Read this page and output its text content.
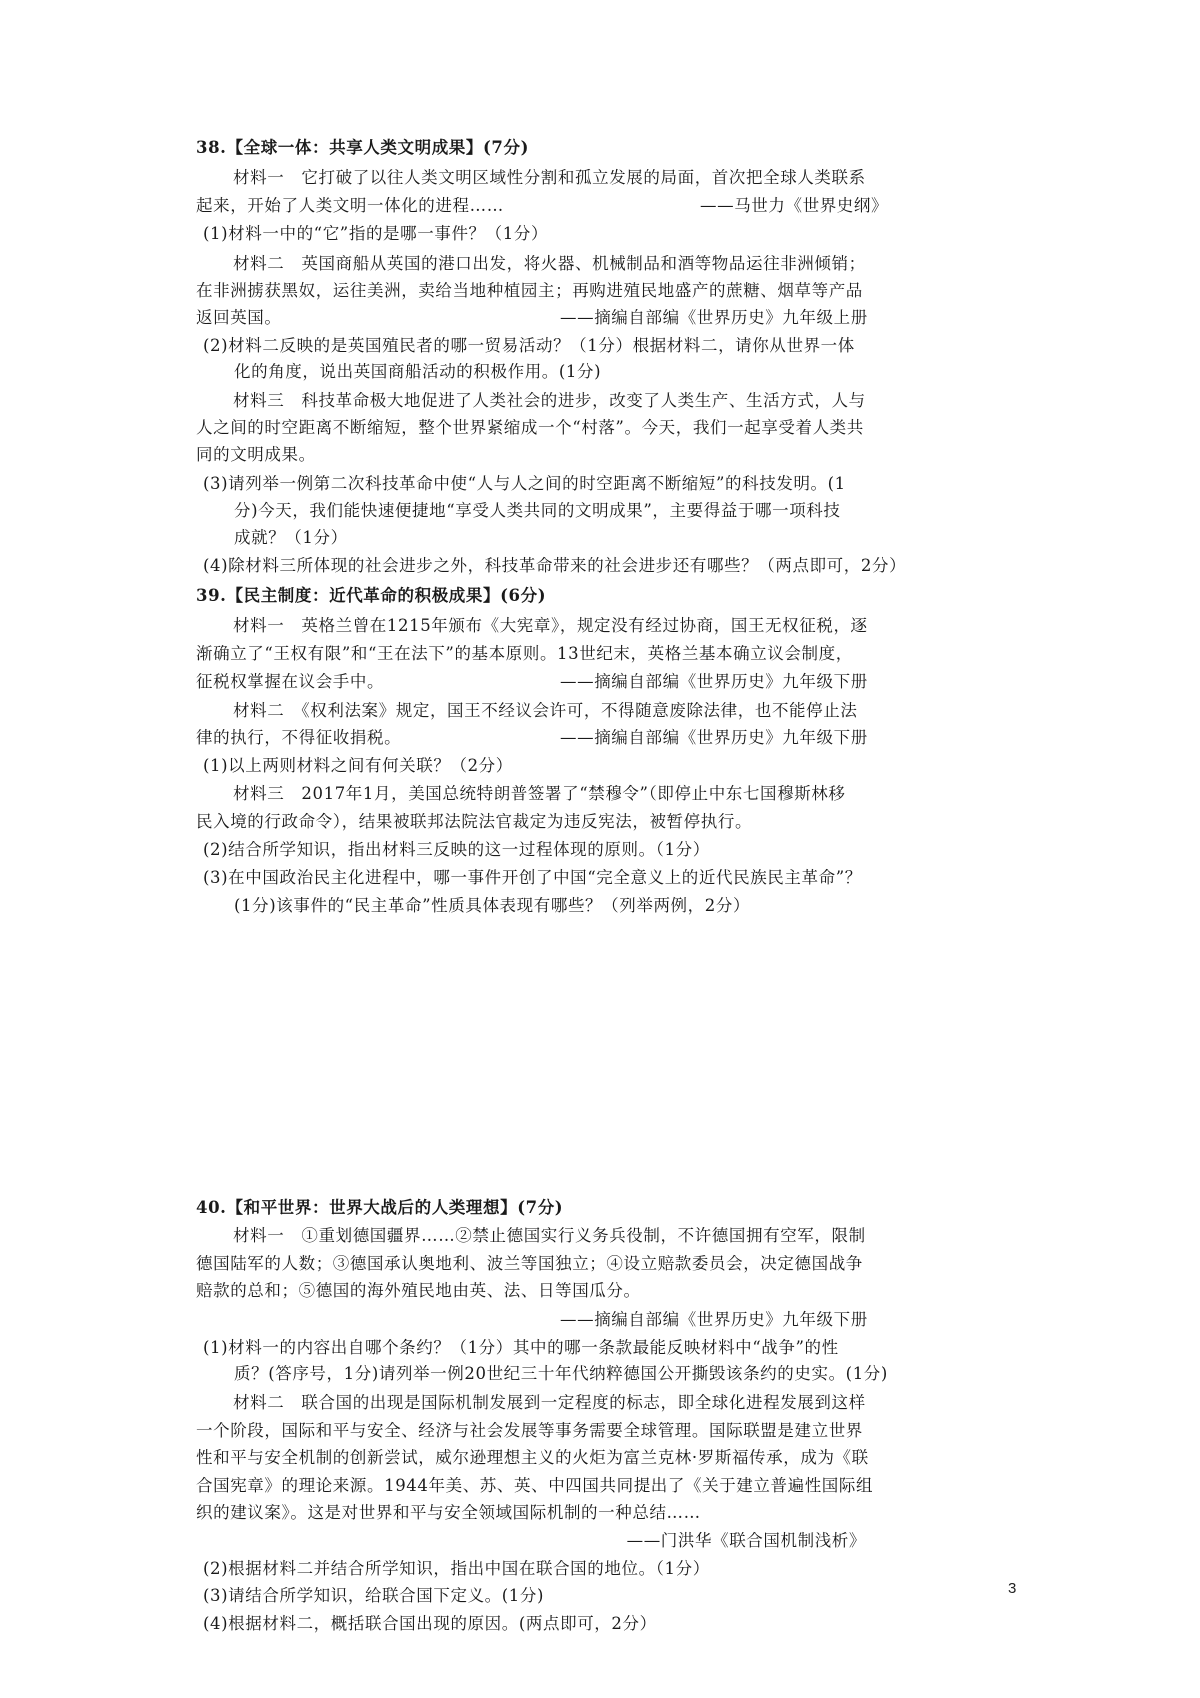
38.【全球一体：共享人类文明成果】(7分)
材料一　它打破了以往人类文明区域性分割和孤立发展的局面，首次把全球人类联系
起来，开始了人类文明一体化的进程……	——马世力《世界史纲》
(1)材料一中的“它”指的是哪一事件？（1分）
材料二　英国商船从英国的港口出发，将火器、机械制品和酒等物品运往非洲倾销；
在非洲掳获黑奴，运往美洲，卖给当地种植园主；再购进殖民地盛产的蔗糖、烟草等产品
返回英国。	——摘编自部编《世界历史》九年级上册
(2)材料二反映的是英国殖民者的哪一贸易活动？（1分）根据材料二，请你从世界一体
化的角度，说出英国商船活动的积极作用。(1分)
材料三　科技革命极大地促进了人类社会的进步，改变了人类生产、生活方式，人与
人之间的时空距离不断缩短，整个世界紧缩成一个“村落”。今天，我们一起享受着人类共
同的文明成果。
(3)请列举一例第二次科技革命中使“人与人之间的时空距离不断缩短”的科技发明。(1
分)今天，我们能快速便捷地“享受人类共同的文明成果”，主要得益于哪一项科技
成就？（1分）
(4)除材料三所体现的社会进步之外，科技革命带来的社会进步还有哪些？（两点即可，2分）
39.【民主制度：近代革命的积极成果】(6分)
材料一　英格兰曾在1215年颁布《大宪章》，规定没有经过协商，国王无权征税，逐
渐确立了“王权有限”和“王在法下”的基本原则。13世纪末，英格兰基本确立议会制度，
征税权掌握在议会手中。	——摘编自部编《世界历史》九年级下册
材料二　《权利法案》规定，国王不经议会许可，不得随意废除法律，也不能停止法
律的执行，不得征收捐税。	——摘编自部编《世界历史》九年级下册
(1)以上两则材料之间有何关联？（2分）
材料三　2017年1月，美国总统特朗普签署了“禁穆令”（即停止中东七国穆斯林移
民入境的行政命令），结果被联邦法院法官裁定为违反宪法，被暂停执行。
(2)结合所学知识，指出材料三反映的这一过程体现的原则。（1分）
(3)在中国政治民主化进程中，哪一事件开创了中国“完全意义上的近代民族民主革命”？
(1分)该事件的“民主革命”性质具体表现有哪些？（列举两例，2分）
40.【和平世界：世界大战后的人类理想】(7分)
材料一　①重划德国疆界……②禁止德国实行义务兵役制，不许德国拥有空军，限制
德国陆军的人数；③德国承认奥地利、波兰等国独立；④设立赔款委员会，决定德国战争
赔款的总和；⑤德国的海外殖民地由英、法、日等国瓜分。
——摘编自部编《世界历史》九年级下册
(1)材料一的内容出自哪个条约？（1分）其中的哪一条款最能反映材料中“战争”的性
质？(答序号，1分)请列举一例20世纪三十年代纳粹德国公开撕毁该条约的史实。(1分)
材料二　联合国的出现是国际机制发展到一定程度的标志，即全球化进程发展到这样
一个阶段，国际和平与安全、经济与社会发展等事务需要全球管理。国际联盟是建立世界
性和平与安全机制的创新尝试，威尔逊理想主义的火炬为富兰克林·罗斯福传承，成为《联
合国宪章》的理论来源。1944年美、苏、英、中四国共同提出了《关于建立普遍性国际组
织的建议案》。这是对世界和平与安全领域国际机制的一种总结……
——门洪华《联合国机制浅析》
(2)根据材料二并结合所学知识，指出中国在联合国的地位。（1分）
(3)请结合所学知识，给联合国下定义。(1分)
(4)根据材料二，概括联合国出现的原因。(两点即可，2分）
3
